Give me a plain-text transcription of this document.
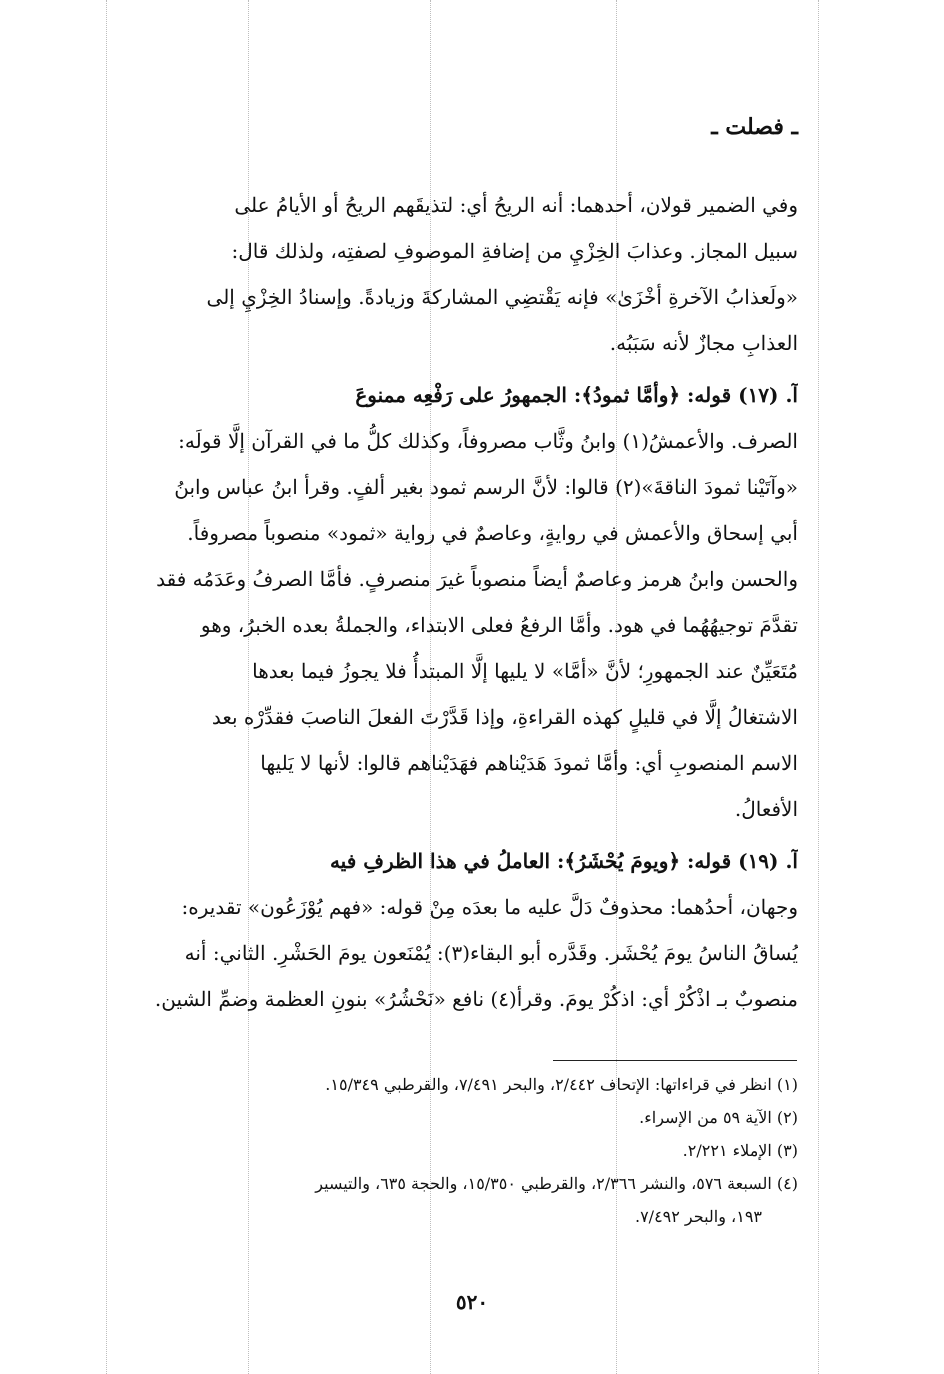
ـ فصلت ـ
وفي الضمير قولان، أحدهما: أنه الريحُ أي: لتذيقَهم الريحُ أو الأيامُ على
سبيل المجاز. وعذابَ الخِزْيِ من إضافةِ الموصوفِ لصفتِه، ولذلك قال:
«ولَعذابُ الآخرةِ أخْزَىٰ» فإنه يَقْتضِي المشاركةَ وزيادةً. وإسنادُ الخِزْيِ إلى
العذابِ مجازٌ لأنه سَبَبُه.
آ. (١٧) قوله: ﴿وأمَّا ثمودُ﴾: الجمهورُ على رَفْعِه ممنوعَ
الصرف. والأعمشُ(١) وابنُ وثَّاب مصروفاً، وكذلك كلُّ ما في القرآن إلَّا قولَه:
«وآتَيْنا ثمودَ الناقةَ»(٢) قالوا: لأنَّ الرسم ثمود بغير ألفٍ. وقرأ ابنُ عباس وابنُ
أبي إسحاق والأعمش في روايةٍ، وعاصمٌ في رواية «ثمود» منصوباً مصروفاً.
والحسن وابنُ هرمز وعاصمٌ أيضاً منصوباً غيرَ منصرفٍ. فأمَّا الصرفُ وعَدَمُه فقد
تقدَّمَ توجيهُهُما في هود. وأمَّا الرفعُ فعلى الابتداء، والجملةُ بعده الخبرُ، وهو
مُتَعَيِّنٌ عند الجمهورِ؛ لأنَّ «أمَّا» لا يليها إلَّا المبتدأُ فلا يجوزُ فيما بعدها
الاشتغالُ إلَّا في قليلٍ كهذه القراءةِ، وإذا قَدَّرْتَ الفعلَ الناصبَ فقدِّرْه بعد
الاسم المنصوبِ أي: وأمَّا ثمودَ هَدَيْناهم فهَدَيْناهم قالوا: لأنها لا يَليها
الأفعالُ.
آ. (١٩) قوله: ﴿ويومَ يُحْشَرُ﴾: العاملُ في هذا الظرفِ فيه
وجهان، أحدُهما: محذوفٌ دَلَّ عليه ما بعدَه مِنْ قوله: «فهم يُوْزَعُون» تقديره:
يُساقُ الناسُ يومَ يُحْشَر. وقَدَّره أبو البقاء(٣): يُمْنَعون يومَ الحَشْرِ. الثاني: أنه
منصوبٌ بـ اذْكُرْ أي: اذكُرْ يومَ. وقرأ(٤) نافع «نَحْشُرُ» بنونِ العظمة وضمِّ الشين.
(١) انظر في قراءاتها: الإتحاف ٢/٤٤٢، والبحر ٧/٤٩١، والقرطبي ١٥/٣٤٩.
(٢) الآية ٥٩ من الإسراء.
(٣) الإملاء ٢/٢٢١.
(٤) السبعة ٥٧٦، والنشر ٢/٣٦٦، والقرطبي ١٥/٣٥٠، والحجة ٦٣٥، والتيسير
١٩٣، والبحر ٧/٤٩٢.
٥٢٠
